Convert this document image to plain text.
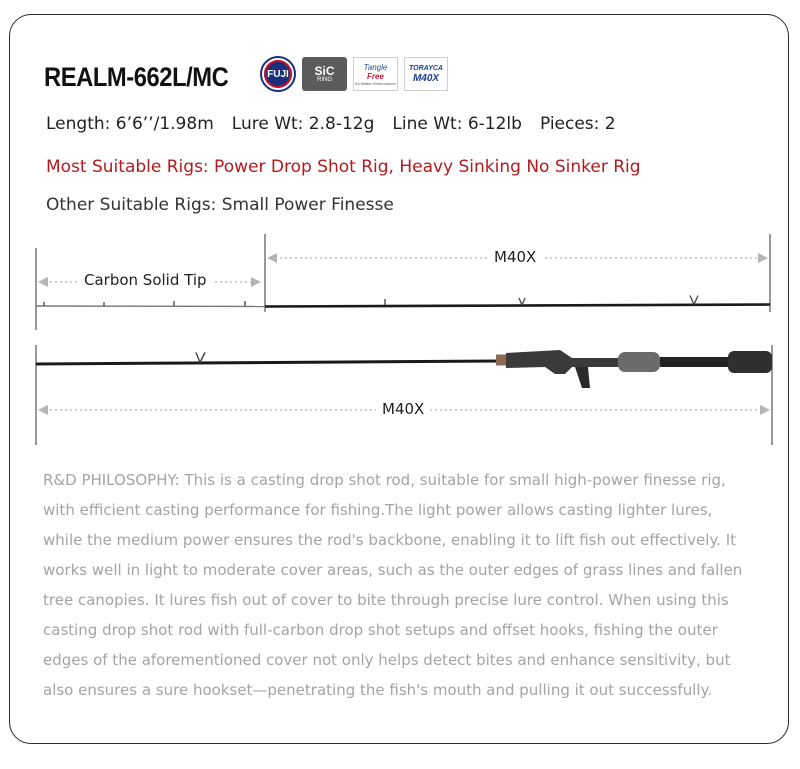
REALM-662L/MC	FUJI SiC
RING
Tangle
Free
for Better Performance
TORAYCA
M40X
Length: 6’6’’/1.98m Lure Wt: 2.8-12g Line Wt: 6-12lb Pieces: 2
Most Suitable Rigs: Power Drop Shot Rig, Heavy Sinking No Sinker Rig
Other Suitable Rigs: Small Power Finesse
Carbon Solid Tip
M40X
M40X
R&D PHILOSOPHY: This is a casting drop shot rod, suitable for small high-power finesse rig,
with efficient casting performance for fishing.The light power allows casting lighter lures,
while the medium power ensures the rod's backbone, enabling it to lift fish out effectively. It
works well in light to moderate cover areas, such as the outer edges of grass lines and fallen
tree canopies. It lures fish out of cover to bite through precise lure control. When using this
casting drop shot rod with full-carbon drop shot setups and offset hooks, fishing the outer
edges of the aforementioned cover not only helps detect bites and enhance sensitivity, but
also ensures a sure hookset—penetrating the fish's mouth and pulling it out successfully.
